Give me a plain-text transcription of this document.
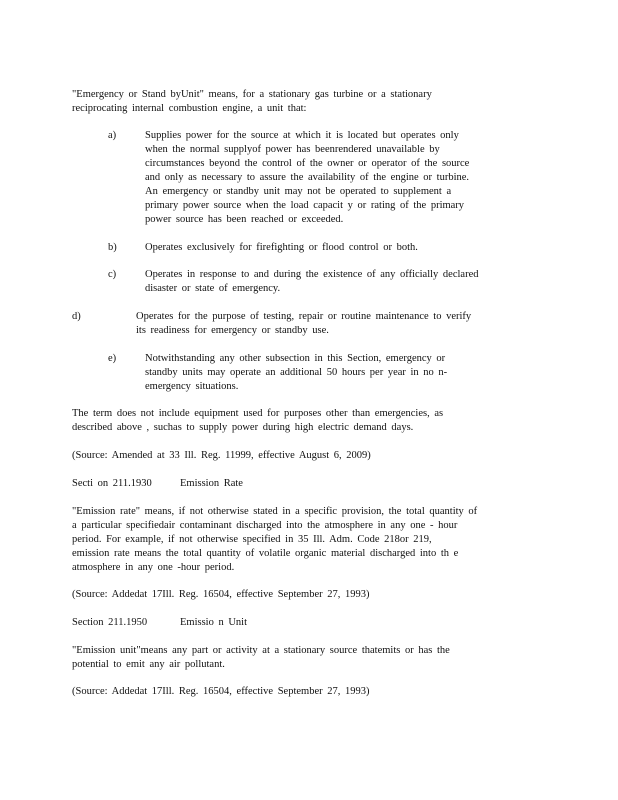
"Emergency or Stand byUnit" means, for a stationary gas turbine or a stationary
reciprocating internal combustion engine, a unit that:

a)	Supplies power for the source at which it is located but operates only
when the normal supplyof power has beenrendered unavailable by
circumstances beyond the control of the owner or operator of the source
and only as necessary to assure the availability of the engine or turbine.
An emergency or standby unit may not be operated to supplement a
primary power source when the load capacit y or rating of the primary
power source has been reached or exceeded.

b)	Operates exclusively for firefighting or flood control or both.

c)	Operates in response to and during the existence of any officially declared
disaster or state of emergency.

d)	Operates for the purpose of testing, repair or routine maintenance to verify
its readiness for emergency or standby use.

e)	Notwithstanding any other subsection in this Section, emergency or
standby units may operate an additional 50 hours per year in no n-
emergency situations.

The term does not include equipment used for purposes other than emergencies, as
described above , suchas to supply power during high electric demand days.

(Source: Amended at 33 Ill. Reg. 11999, effective August 6, 2009)

Secti on 211.1930	Emission Rate

"Emission rate" means, if not otherwise stated in a specific provision, the total quantity of
a particular specifiedair contaminant discharged into the atmosphere in any one - hour
period. For example, if not otherwise specified in 35 Ill. Adm. Code 218or 219,
emission rate means the total quantity of volatile organic material discharged into th e
atmosphere in any one -hour period.

(Source: Addedat 17Ill. Reg. 16504, effective September 27, 1993)

Section 211.1950	Emissio n Unit

"Emission unit"means any part or activity at a stationary source thatemits or has the
potential to emit any air pollutant.

(Source: Addedat 17Ill. Reg. 16504, effective September 27, 1993)
